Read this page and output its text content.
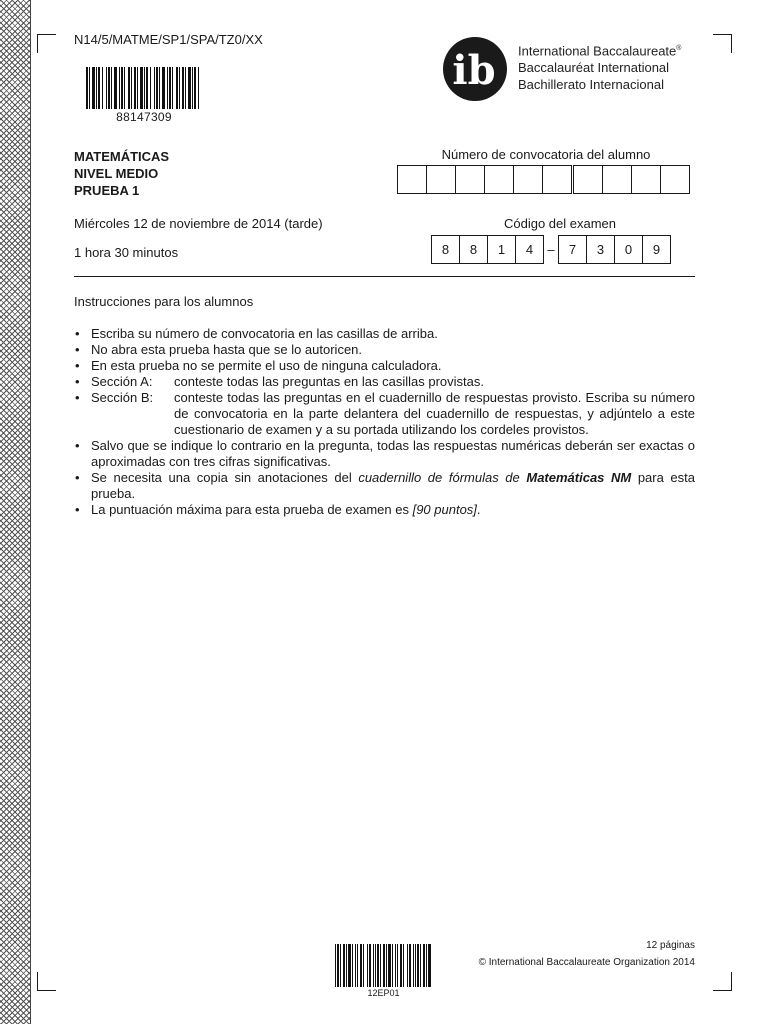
N14/5/MATME/SP1/SPA/TZ0/XX
88147309
ib International Baccalaureate®
Baccalauréat International
Bachillerato Internacional
MATEMÁTICAS
NIVEL MEDIO
PRUEBA 1
Número de convocatoria del alumno
Miércoles 12 de noviembre de 2014 (tarde)
1 hora 30 minutos
Código del examen
8	8	1	4	–	7	3	0	9
Instrucciones para los alumnos
• Escriba su número de convocatoria en las casillas de arriba.
• No abra esta prueba hasta que se lo autoricen.
• En esta prueba no se permite el uso de ninguna calculadora.
• Sección A:	conteste todas las preguntas en las casillas provistas.
• Sección B:	conteste todas las preguntas en el cuadernillo de respuestas provisto. Escriba su número de convocatoria en la parte delantera del cuadernillo de respuestas, y adjúntelo a este cuestionario de examen y a su portada utilizando los cordeles provistos.
• Salvo que se indique lo contrario en la pregunta, todas las respuestas numéricas deberán ser exactas o aproximadas con tres cifras significativas.
• Se necesita una copia sin anotaciones del cuadernillo de fórmulas de Matemáticas NM para esta prueba.
• La puntuación máxima para esta prueba de examen es [90 puntos].
12 páginas
© International Baccalaureate Organization 2014
12EP01
